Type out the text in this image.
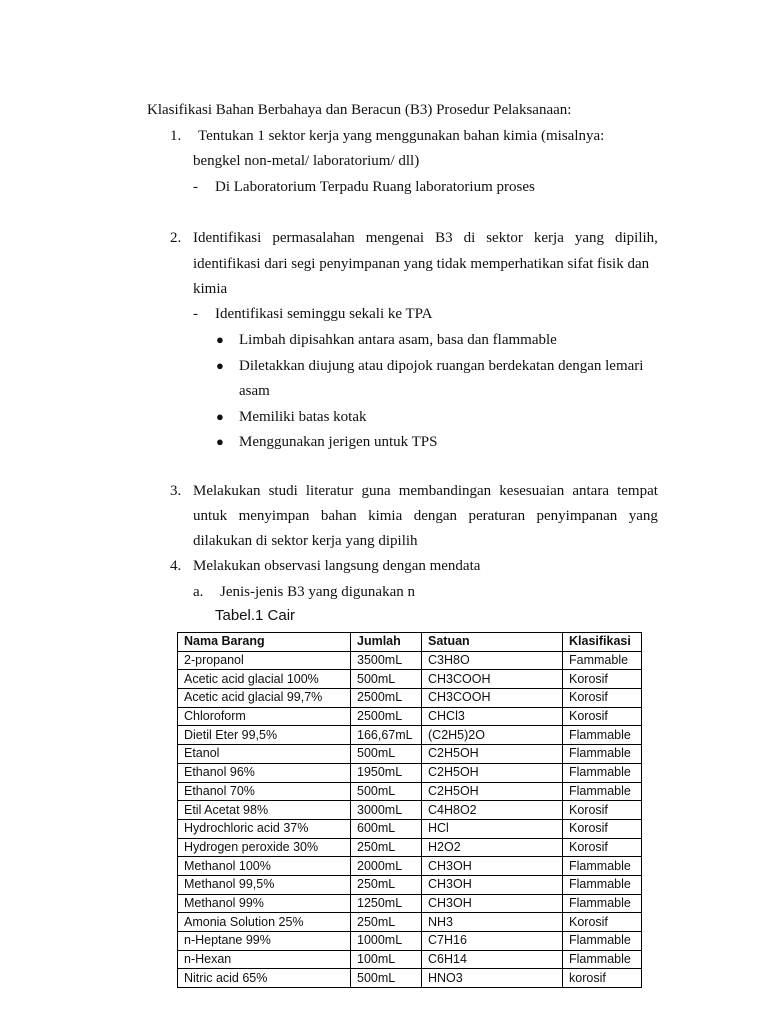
Klasifikasi Bahan Berbahaya dan Beracun (B3) Prosedur Pelaksanaan:
1. Tentukan 1 sektor kerja yang menggunakan bahan kimia (misalnya:
bengkel non-metal/ laboratorium/ dll)
- Di Laboratorium Terpadu Ruang laboratorium proses
2. Identifikasi permasalahan mengenai B3 di sektor kerja yang dipilih,
identifikasi dari segi penyimpanan yang tidak memperhatikan sifat fisik dan
kimia
- Identifikasi seminggu sekali ke TPA
● Limbah dipisahkan antara asam, basa dan flammable
● Diletakkan diujung atau dipojok ruangan berdekatan dengan lemari
asam
● Memiliki batas kotak
● Menggunakan jerigen untuk TPS
3. Melakukan studi literatur guna membandingan kesesuaian antara tempat
untuk menyimpan bahan kimia dengan peraturan penyimpanan yang
dilakukan di sektor kerja yang dipilih
4. Melakukan observasi langsung dengan mendata
a. Jenis-jenis B3 yang digunakan n
Tabel.1 Cair
Nama Barang	Jumlah	Satuan	Klasifikasi
2-propanol	3500mL	C3H8O	Fammable
Acetic acid glacial 100%	500mL	CH3COOH	Korosif
Acetic acid glacial 99,7%	2500mL	CH3COOH	Korosif
Chloroform	2500mL	CHCl3	Korosif
Dietil Eter 99,5%	166,67mL	(C2H5)2O	Flammable
Etanol	500mL	C2H5OH	Flammable
Ethanol 96%	1950mL	C2H5OH	Flammable
Ethanol 70%	500mL	C2H5OH	Flammable
Etil Acetat 98%	3000mL	C4H8O2	Korosif
Hydrochloric acid 37%	600mL	HCl	Korosif
Hydrogen peroxide 30%	250mL	H2O2	Korosif
Methanol 100%	2000mL	CH3OH	Flammable
Methanol 99,5%	250mL	CH3OH	Flammable
Methanol 99%	1250mL	CH3OH	Flammable
Amonia Solution 25%	250mL	NH3	Korosif
n-Heptane 99%	1000mL	C7H16	Flammable
n-Hexan	100mL	C6H14	Flammable
Nitric acid 65%	500mL	HNO3	korosif
